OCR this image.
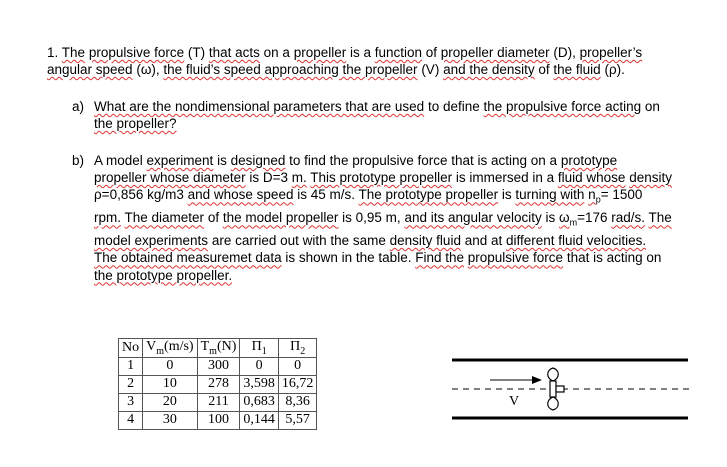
1. The propulsive force (T) that acts on a propeller is a function of propeller diameter (D), propeller’s angular speed (ω), the fluid’s speed approaching the propeller (V) and the density of the fluid (ρ).

a) What are the nondimensional parameters that are used to define the propulsive force acting on the propeller?

b) A model experiment is designed to find the propulsive force that is acting on a prototype propeller whose diameter is D=3 m. This prototype propeller is immersed in a fluid whose density ρ=0,856 kg/m3 and whose speed is 45 m/s. The prototype propeller is turning with $n_p= 1500$ rpm. The diameter of the model propeller is 0,95 m, and its angular velocity is $\omega_m=176$ rad/s. The model experiments are carried out with the same density fluid and at different fluid velocities. The obtained measuremet data is shown in the table. Find the propulsive force that is acting on the prototype propeller.

No	$V_m(m/s)$	$T_m(N)$	$\Pi_1$	$\Pi_2$
1	0	300	0	0
2	10	278	3,598	16,72
3	20	211	0,683	8,36
4	30	100	0,144	5,57
V
